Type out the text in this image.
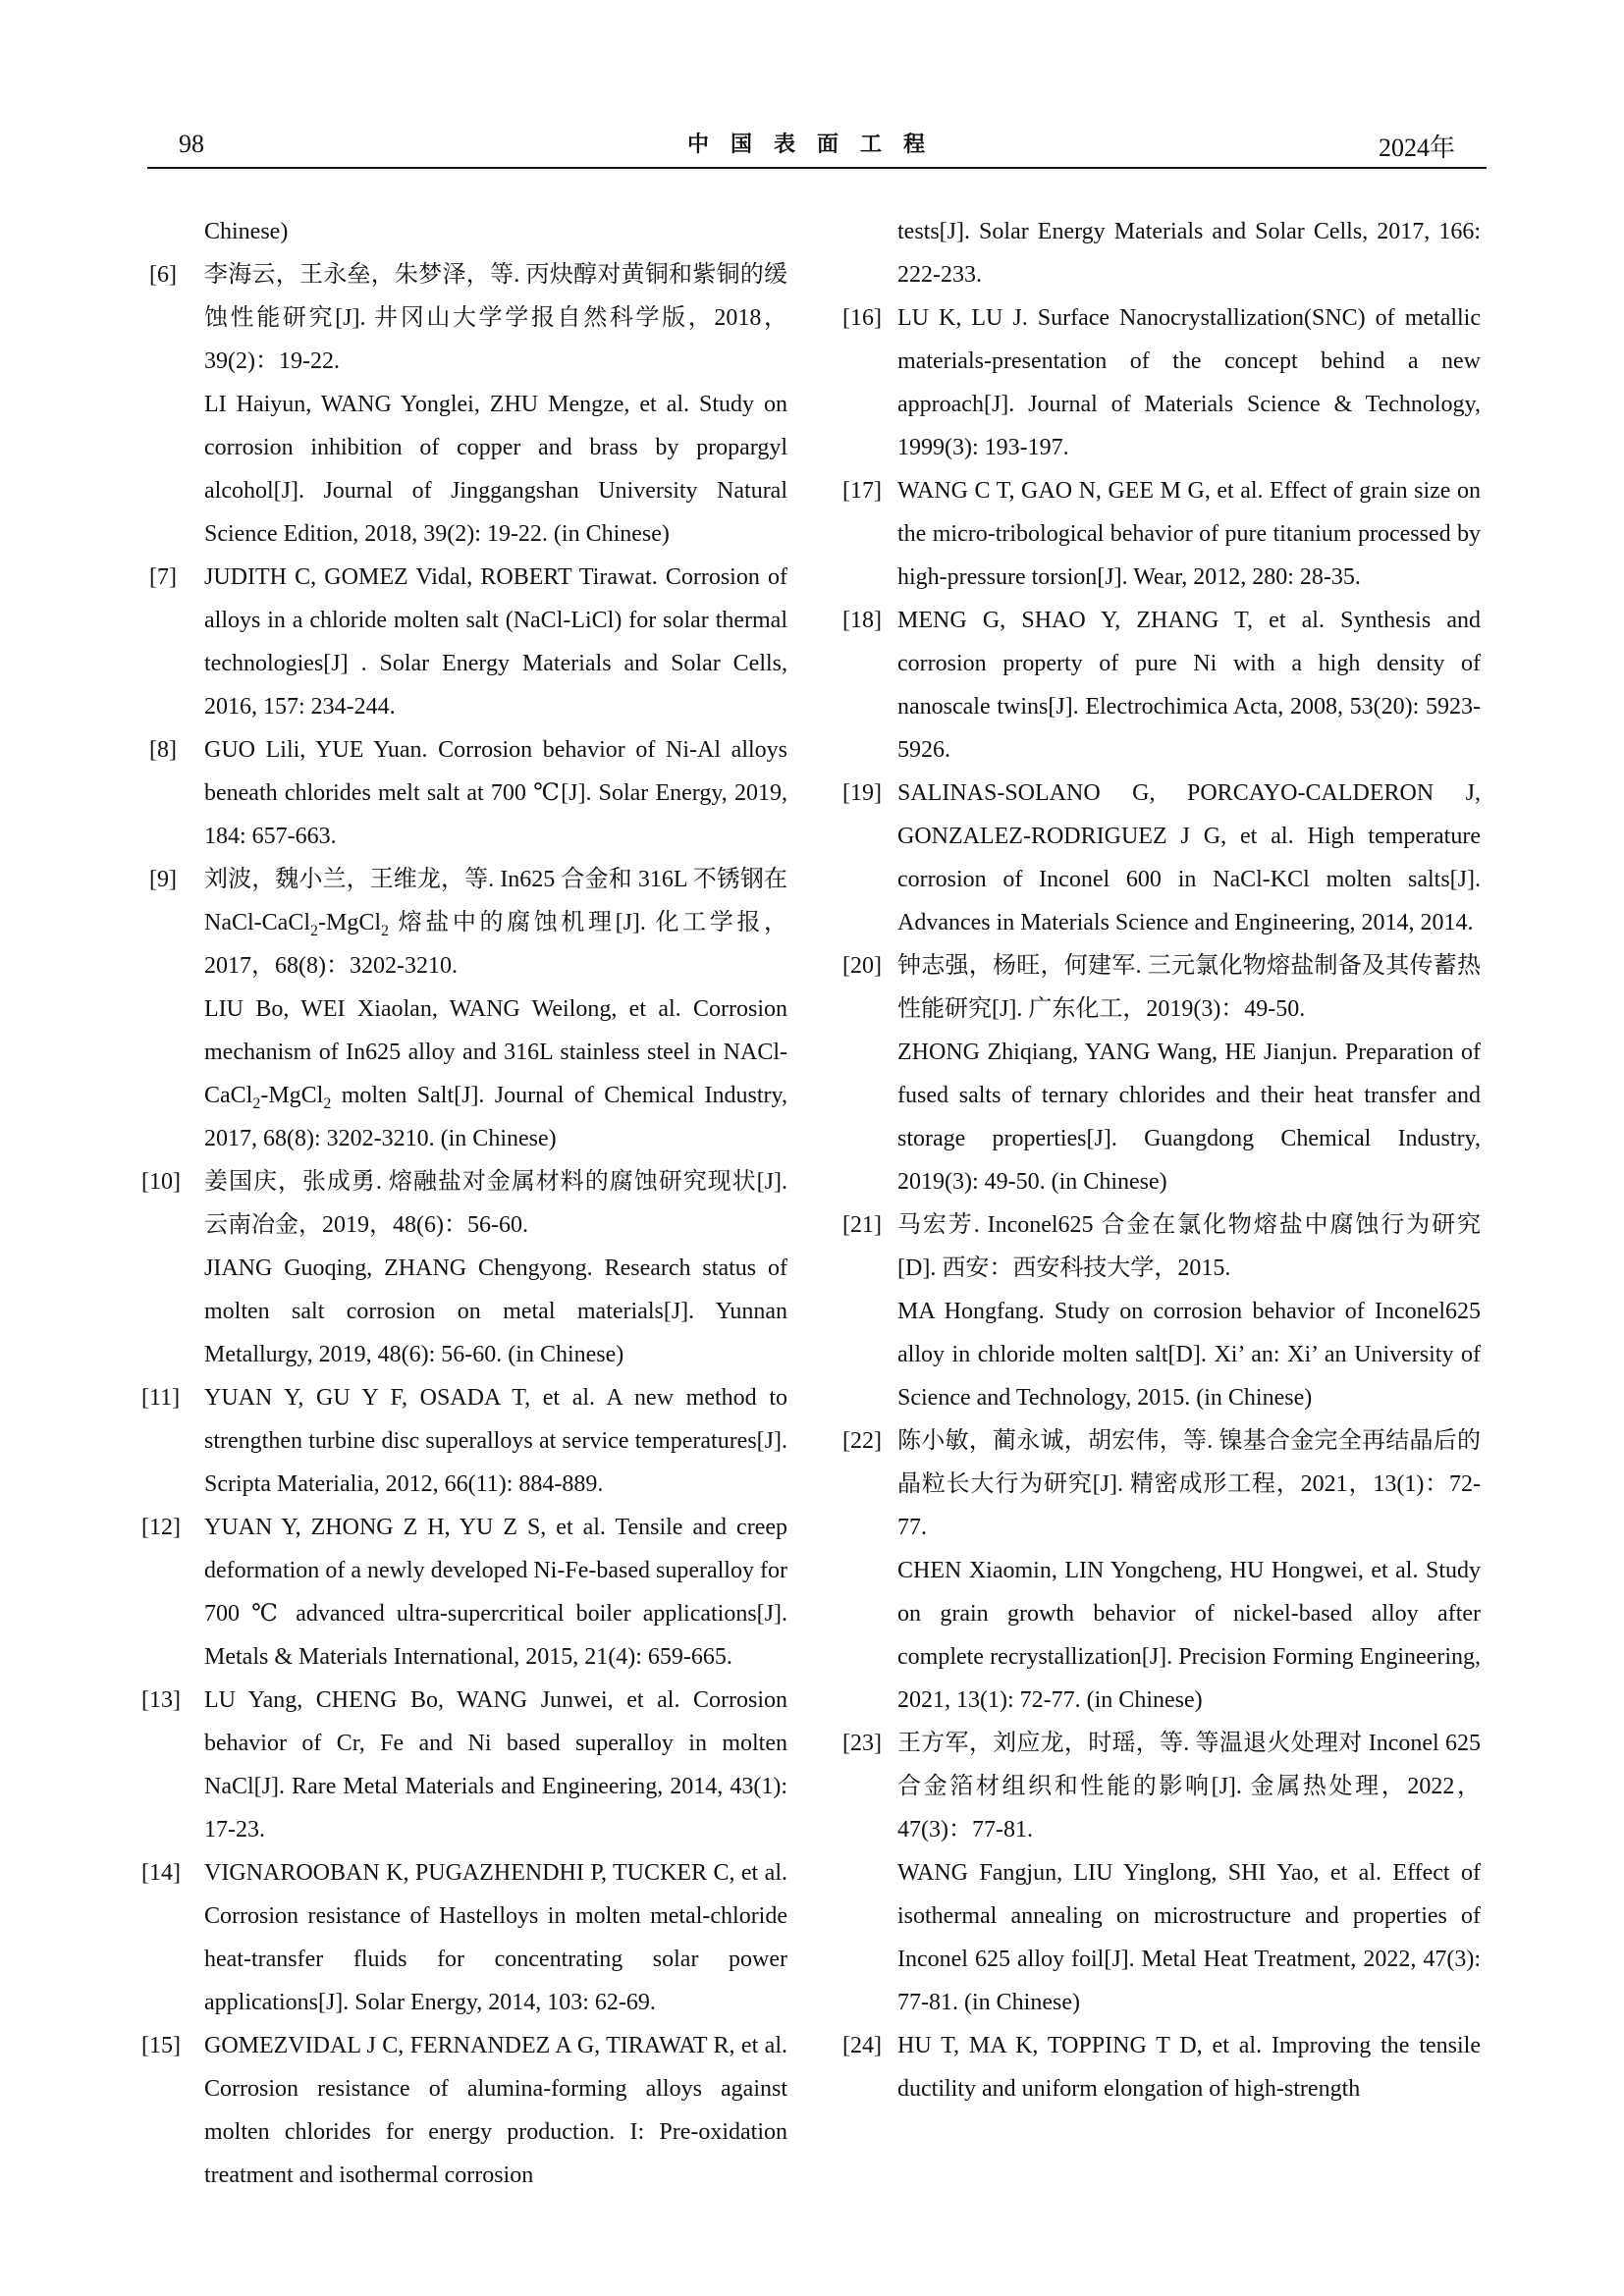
98	中国表面工程	2024年

Chinese)

[6] 李海云，王永垒，朱梦泽，等. 丙炔醇对黄铜和紫铜的缓蚀性能研究[J]. 井冈山大学学报自然科学版，2018，39(2)：19-22.

LI Haiyun, WANG Yonglei, ZHU Mengze, et al. Study on corrosion inhibition of copper and brass by propargyl alcohol[J]. Journal of Jinggangshan University Natural Science Edition, 2018, 39(2): 19-22. (in Chinese)

[7] JUDITH C, GOMEZ Vidal, ROBERT Tirawat. Corrosion of alloys in a chloride molten salt (NaCl-LiCl) for solar thermal technologies[J] . Solar Energy Materials and Solar Cells, 2016, 157: 234-244.

[8] GUO Lili, YUE Yuan. Corrosion behavior of Ni-Al alloys beneath chlorides melt salt at 700 ℃[J]. Solar Energy, 2019, 184: 657-663.

[9] 刘波，魏小兰，王维龙，等. In625 合金和 316L 不锈钢在 NaCl-CaCl$_2$-MgCl$_2$ 熔盐中的腐蚀机理[J]. 化工学报，2017，68(8)：3202-3210.

LIU Bo, WEI Xiaolan, WANG Weilong, et al. Corrosion mechanism of In625 alloy and 316L stainless steel in NACl-CaCl$_2$-MgCl$_2$ molten Salt[J]. Journal of Chemical Industry, 2017, 68(8): 3202-3210. (in Chinese)

[10] 姜国庆，张成勇. 熔融盐对金属材料的腐蚀研究现状[J]. 云南冶金，2019，48(6)：56-60.

JIANG Guoqing, ZHANG Chengyong. Research status of molten salt corrosion on metal materials[J]. Yunnan Metallurgy, 2019, 48(6): 56-60. (in Chinese)

[11] YUAN Y, GU Y F, OSADA T, et al. A new method to strengthen turbine disc superalloys at service temperatures[J]. Scripta Materialia, 2012, 66(11): 884-889.

[12] YUAN Y, ZHONG Z H, YU Z S, et al. Tensile and creep deformation of a newly developed Ni-Fe-based superalloy for 700 ℃ advanced ultra-supercritical boiler applications[J]. Metals & Materials International, 2015, 21(4): 659-665.

[13] LU Yang, CHENG Bo, WANG Junwei, et al. Corrosion behavior of Cr, Fe and Ni based superalloy in molten NaCl[J]. Rare Metal Materials and Engineering, 2014, 43(1): 17-23.

[14] VIGNAROOBAN K, PUGAZHENDHI P, TUCKER C, et al. Corrosion resistance of Hastelloys in molten metal-chloride heat-transfer fluids for concentrating solar power applications[J]. Solar Energy, 2014, 103: 62-69.

[15] GOMEZVIDAL J C, FERNANDEZ A G, TIRAWAT R, et al. Corrosion resistance of alumina-forming alloys against molten chlorides for energy production. I: Pre-oxidation treatment and isothermal corrosion

tests[J]. Solar Energy Materials and Solar Cells, 2017, 166: 222-233.

[16] LU K, LU J. Surface Nanocrystallization(SNC) of metallic materials-presentation of the concept behind a new approach[J]. Journal of Materials Science & Technology, 1999(3): 193-197.

[17] WANG C T, GAO N, GEE M G, et al. Effect of grain size on the micro-tribological behavior of pure titanium processed by high-pressure torsion[J]. Wear, 2012, 280: 28-35.

[18] MENG G, SHAO Y, ZHANG T, et al. Synthesis and corrosion property of pure Ni with a high density of nanoscale twins[J]. Electrochimica Acta, 2008, 53(20): 5923-5926.

[19] SALINAS-SOLANO G, PORCAYO-CALDERON J, GONZALEZ-RODRIGUEZ J G, et al. High temperature corrosion of Inconel 600 in NaCl-KCl molten salts[J]. Advances in Materials Science and Engineering, 2014, 2014.

[20] 钟志强，杨旺，何建军. 三元氯化物熔盐制备及其传蓄热性能研究[J]. 广东化工，2019(3)：49-50.

ZHONG Zhiqiang, YANG Wang, HE Jianjun. Preparation of fused salts of ternary chlorides and their heat transfer and storage properties[J]. Guangdong Chemical Industry, 2019(3): 49-50. (in Chinese)

[21] 马宏芳. Inconel625 合金在氯化物熔盐中腐蚀行为研究[D]. 西安：西安科技大学，2015.

MA Hongfang. Study on corrosion behavior of Inconel625 alloy in chloride molten salt[D]. Xi’ an: Xi’ an University of Science and Technology, 2015. (in Chinese)

[22] 陈小敏，蔺永诚，胡宏伟，等. 镍基合金完全再结晶后的晶粒长大行为研究[J]. 精密成形工程，2021，13(1)：72-77.

CHEN Xiaomin, LIN Yongcheng, HU Hongwei, et al. Study on grain growth behavior of nickel-based alloy after complete recrystallization[J]. Precision Forming Engineering, 2021, 13(1): 72-77. (in Chinese)

[23] 王方军，刘应龙，时瑶，等. 等温退火处理对 Inconel 625 合金箔材组织和性能的影响[J]. 金属热处理，2022，47(3)：77-81.

WANG Fangjun, LIU Yinglong, SHI Yao, et al. Effect of isothermal annealing on microstructure and properties of Inconel 625 alloy foil[J]. Metal Heat Treatment, 2022, 47(3): 77-81. (in Chinese)

[24] HU T, MA K, TOPPING T D, et al. Improving the tensile ductility and uniform elongation of high-strength
